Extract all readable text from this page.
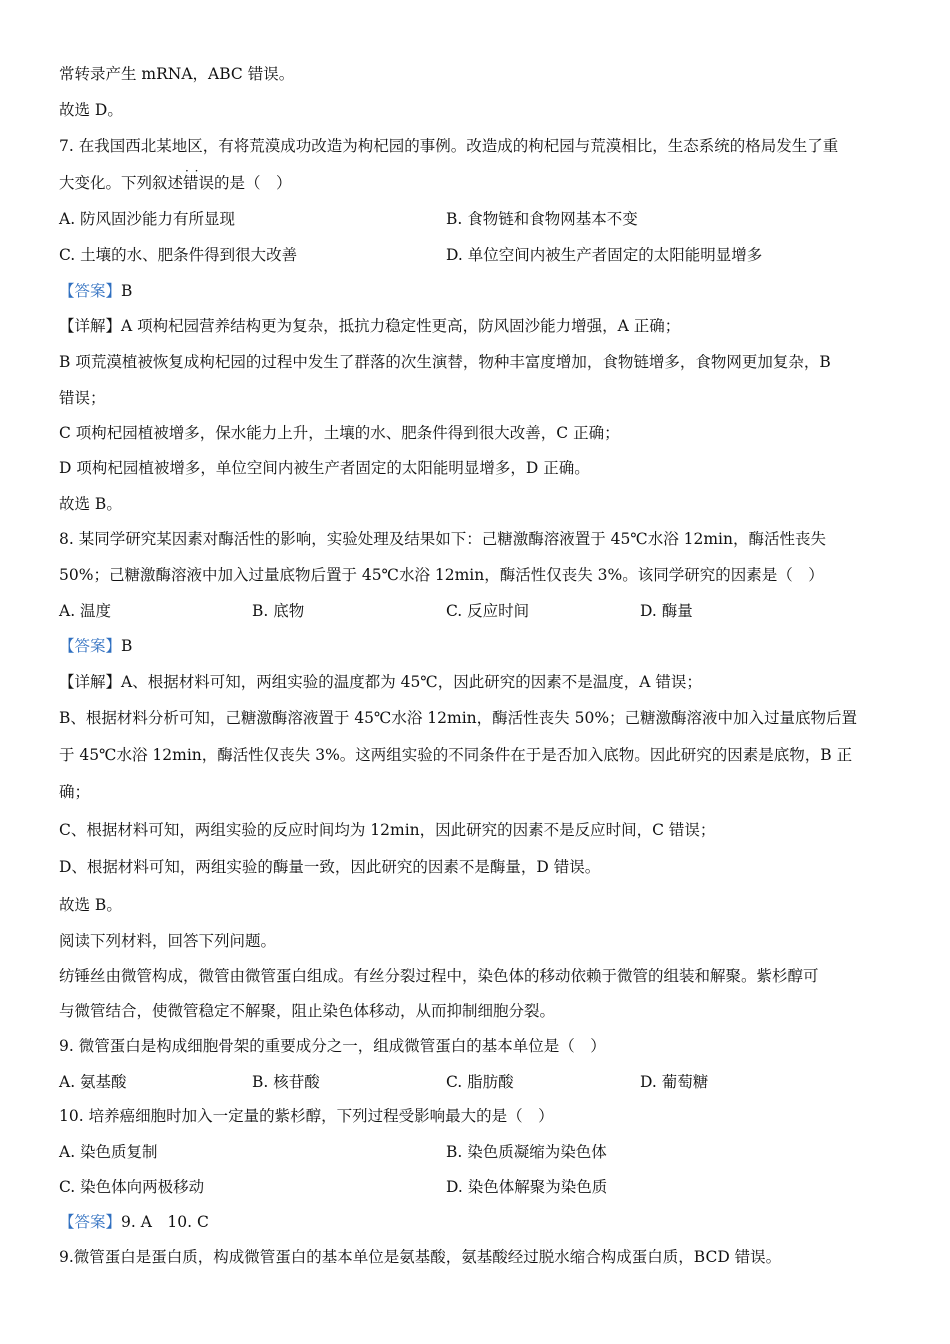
常转录产生 mRNA，ABC 错误。
故选 D。
7. 在我国西北某地区，有将荒漠成功改造为枸杞园的事例。改造成的枸杞园与荒漠相比，生态系统的格局发生了重
大变化。下列叙述· · 错误的是（　）
A. 防风固沙能力有所显现	B. 食物链和食物网基本不变
C. 土壤的水、肥条件得到很大改善	D. 单位空间内被生产者固定的太阳能明显增多
【答案】B
【详解】A 项枸杞园营养结构更为复杂，抵抗力稳定性更高，防风固沙能力增强，A 正确；
B 项荒漠植被恢复成枸杞园的过程中发生了群落的次生演替，物种丰富度增加，食物链增多，食物网更加复杂，B
错误；
C 项枸杞园植被增多，保水能力上升，土壤的水、肥条件得到很大改善，C 正确；
D 项枸杞园植被增多，单位空间内被生产者固定的太阳能明显增多，D 正确。
故选 B。
8. 某同学研究某因素对酶活性的影响，实验处理及结果如下：己糖激酶溶液置于 45℃水浴 12min，酶活性丧失
50%；己糖激酶溶液中加入过量底物后置于 45℃水浴 12min，酶活性仅丧失 3%。该同学研究的因素是（　）
A. 温度	B. 底物	C. 反应时间	D. 酶量
【答案】B
【详解】A、根据材料可知，两组实验的温度都为 45℃，因此研究的因素不是温度，A 错误；
B、根据材料分析可知，己糖激酶溶液置于 45℃水浴 12min，酶活性丧失 50%；己糖激酶溶液中加入过量底物后置
于 45℃水浴 12min，酶活性仅丧失 3%。这两组实验的不同条件在于是否加入底物。因此研究的因素是底物，B 正
确；
C、根据材料可知，两组实验的反应时间均为 12min，因此研究的因素不是反应时间，C 错误；
D、根据材料可知，两组实验的酶量一致，因此研究的因素不是酶量，D 错误。
故选 B。
阅读下列材料，回答下列问题。
纺锤丝由微管构成，微管由微管蛋白组成。有丝分裂过程中，染色体的移动依赖于微管的组装和解聚。紫杉醇可
与微管结合，使微管稳定不解聚，阻止染色体移动，从而抑制细胞分裂。
9. 微管蛋白是构成细胞骨架的重要成分之一，组成微管蛋白的基本单位是（　）
A. 氨基酸	B. 核苷酸	C. 脂肪酸	D. 葡萄糖
10. 培养癌细胞时加入一定量的紫杉醇，下列过程受影响最大的是（　）
A. 染色质复制	B. 染色质凝缩为染色体
C. 染色体向两极移动	D. 染色体解聚为染色质
【答案】9. A　10. C
9.微管蛋白是蛋白质，构成微管蛋白的基本单位是氨基酸，氨基酸经过脱水缩合构成蛋白质，BCD 错误。
